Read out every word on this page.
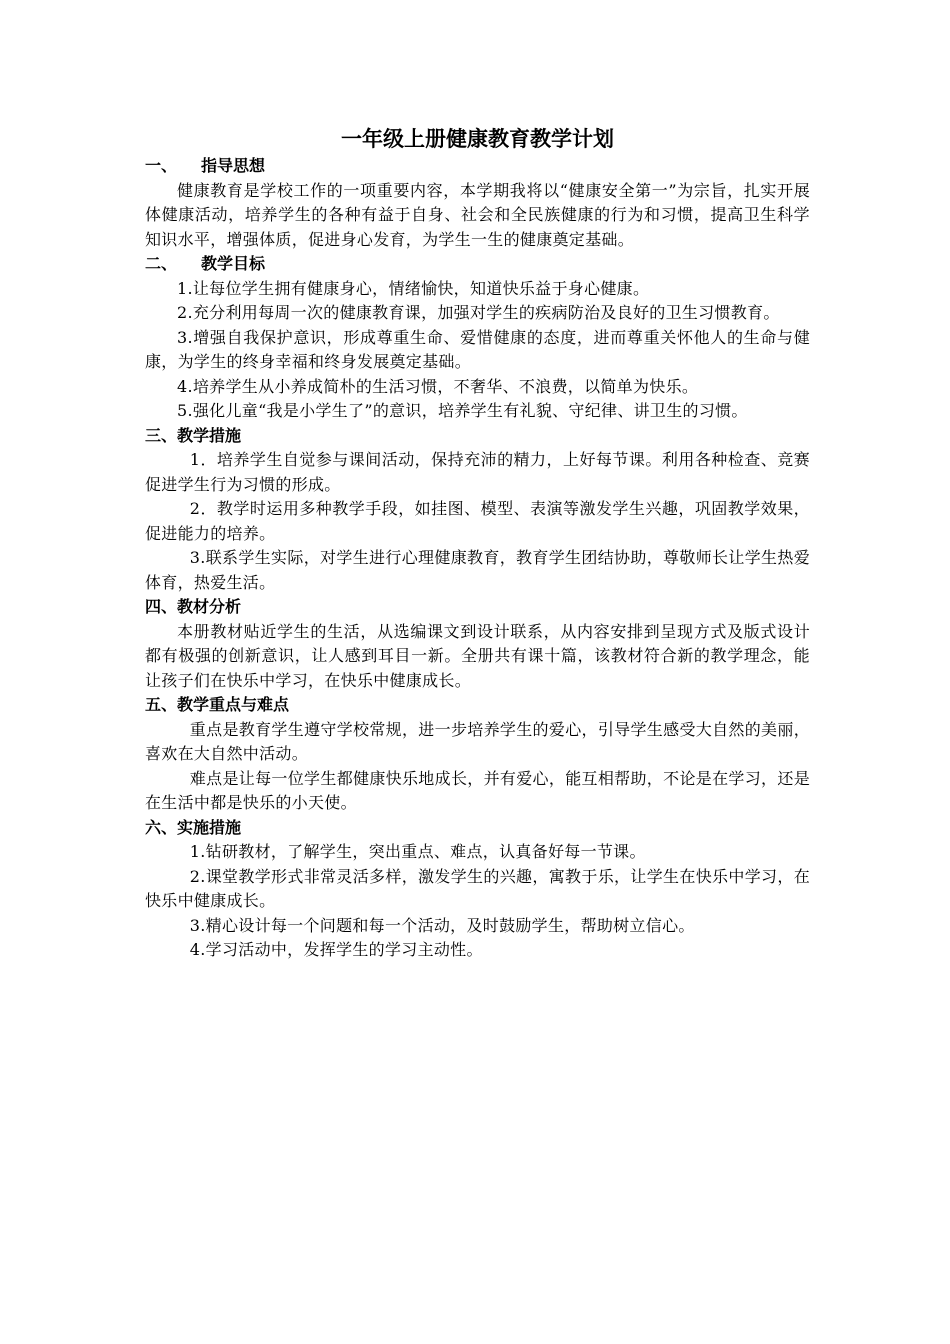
一年级上册健康教育教学计划
一、 指导思想

健康教育是学校工作的一项重要内容，本学期我将以“健康安全第一”为宗旨，扎实开展体健康活动，培养学生的各种有益于自身、社会和全民族健康的行为和习惯，提高卫生科学知识水平，增强体质，促进身心发育，为学生一生的健康奠定基础。

二、 教学目标

1.让每位学生拥有健康身心，情绪愉快，知道快乐益于身心健康。

2.充分利用每周一次的健康教育课，加强对学生的疾病防治及良好的卫生习惯教育。

3.增强自我保护意识，形成尊重生命、爱惜健康的态度，进而尊重关怀他人的生命与健康，为学生的终身幸福和终身发展奠定基础。

4.培养学生从小养成简朴的生活习惯，不奢华、不浪费，以简单为快乐。

5.强化儿童“我是小学生了”的意识，培养学生有礼貌、守纪律、讲卫生的习惯。

三、教学措施

1．培养学生自觉参与课间活动，保持充沛的精力，上好每节课。利用各种检查、竞赛促进学生行为习惯的形成。

2．教学时运用多种教学手段，如挂图、模型、表演等激发学生兴趣，巩固教学效果，促进能力的培养。

3.联系学生实际，对学生进行心理健康教育，教育学生团结协助，尊敬师长让学生热爱体育，热爱生活。

四、教材分析

本册教材贴近学生的生活，从选编课文到设计联系，从内容安排到呈现方式及版式设计都有极强的创新意识，让人感到耳目一新。全册共有课十篇，该教材符合新的教学理念，能让孩子们在快乐中学习，在快乐中健康成长。

五、教学重点与难点

重点是教育学生遵守学校常规，进一步培养学生的爱心，引导学生感受大自然的美丽，喜欢在大自然中活动。

难点是让每一位学生都健康快乐地成长，并有爱心，能互相帮助，不论是在学习，还是在生活中都是快乐的小天使。

六、实施措施

1.钻研教材，了解学生，突出重点、难点，认真备好每一节课。

2.课堂教学形式非常灵活多样，激发学生的兴趣，寓教于乐，让学生在快乐中学习，在快乐中健康成长。

3.精心设计每一个问题和每一个活动，及时鼓励学生，帮助树立信心。

4.学习活动中，发挥学生的学习主动性。
